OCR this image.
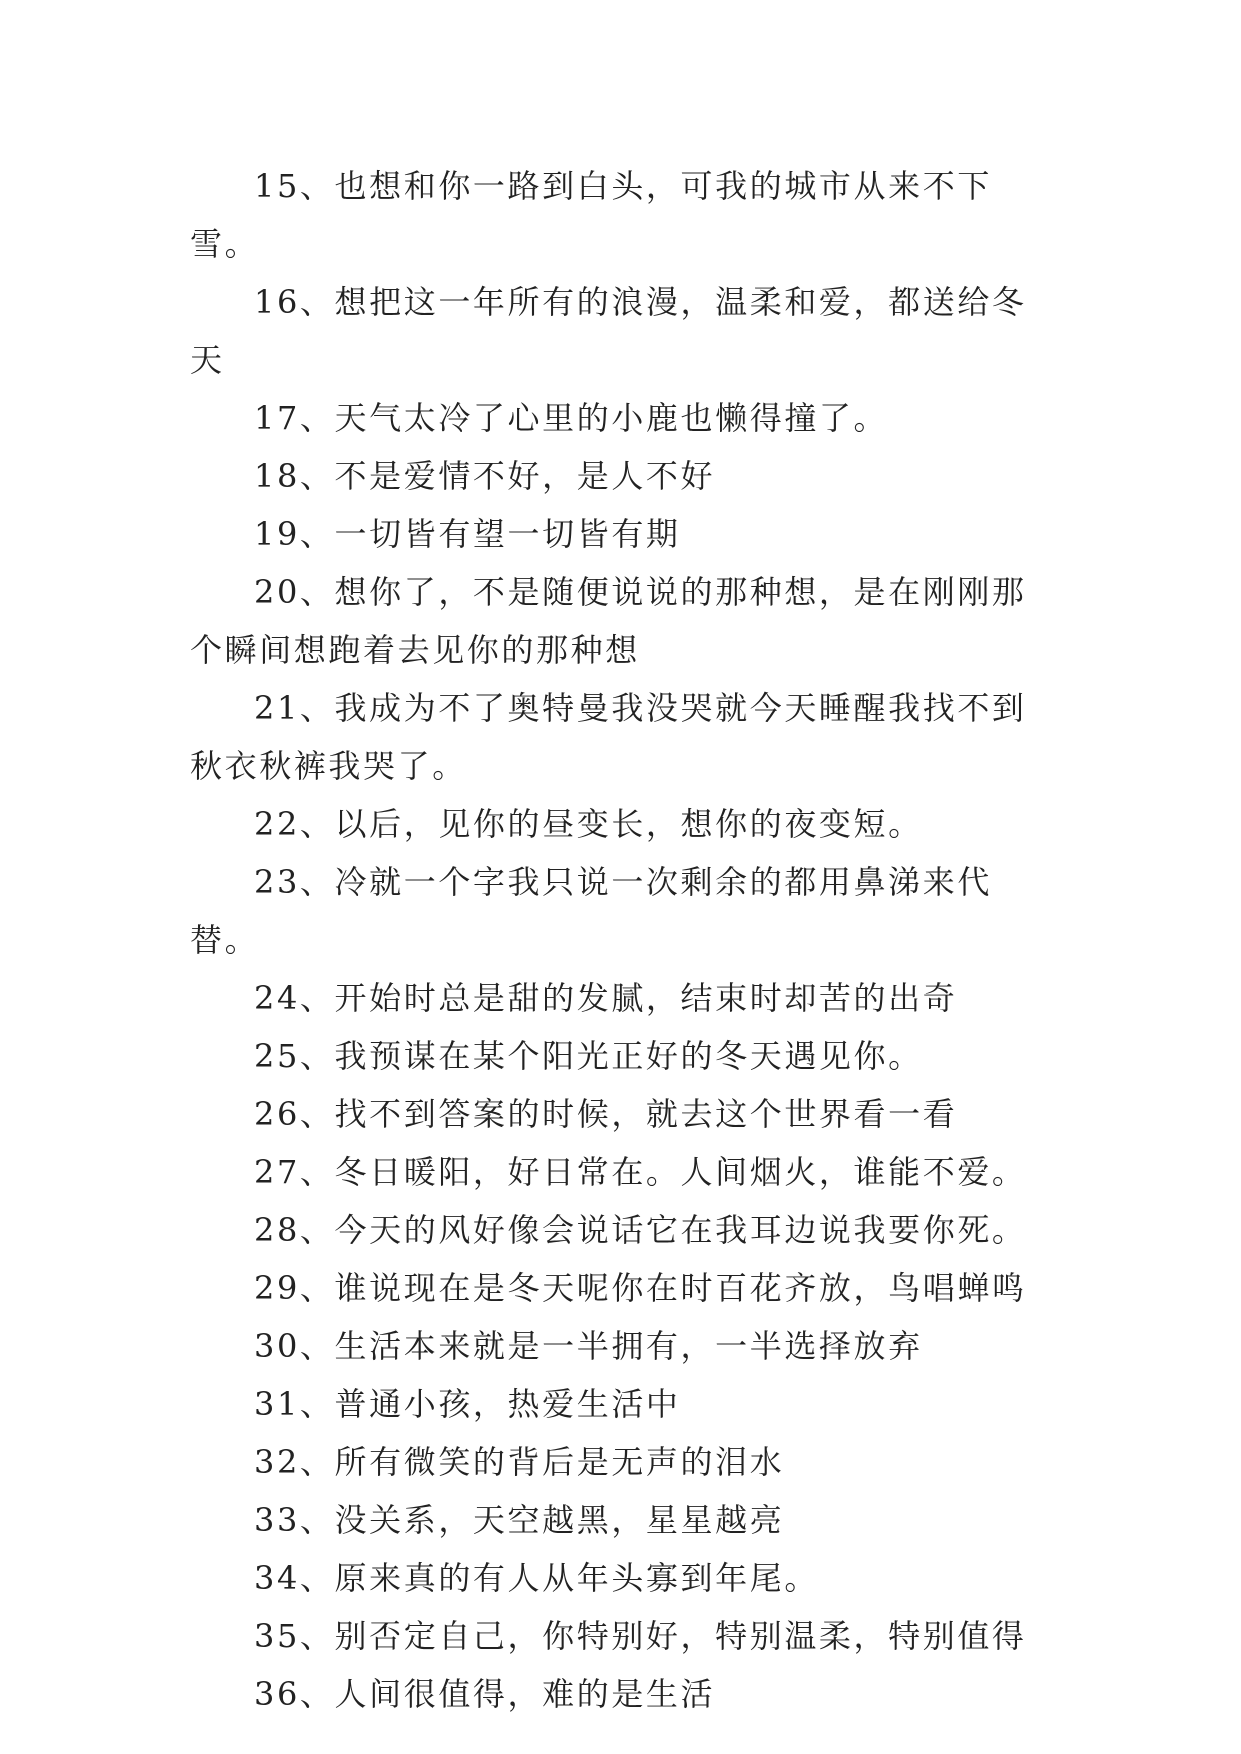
15、也想和你一路到白头，可我的城市从来不下雪。

16、想把这一年所有的浪漫，温柔和爱，都送给冬天

17、天气太冷了心里的小鹿也懒得撞了。

18、不是爱情不好，是人不好

19、一切皆有望一切皆有期

20、想你了，不是随便说说的那种想，是在刚刚那个瞬间想跑着去见你的那种想

21、我成为不了奥特曼我没哭就今天睡醒我找不到秋衣秋裤我哭了。

22、以后，见你的昼变长，想你的夜变短。

23、冷就一个字我只说一次剩余的都用鼻涕来代替。

24、开始时总是甜的发腻，结束时却苦的出奇

25、我预谋在某个阳光正好的冬天遇见你。

26、找不到答案的时候，就去这个世界看一看

27、冬日暖阳，好日常在。人间烟火，谁能不爱。

28、今天的风好像会说话它在我耳边说我要你死。

29、谁说现在是冬天呢你在时百花齐放，鸟唱蝉鸣

30、生活本来就是一半拥有，一半选择放弃

31、普通小孩，热爱生活中

32、所有微笑的背后是无声的泪水

33、没关系，天空越黑，星星越亮

34、原来真的有人从年头寡到年尾。

35、别否定自己，你特别好，特别温柔，特别值得

36、人间很值得，难的是生活
